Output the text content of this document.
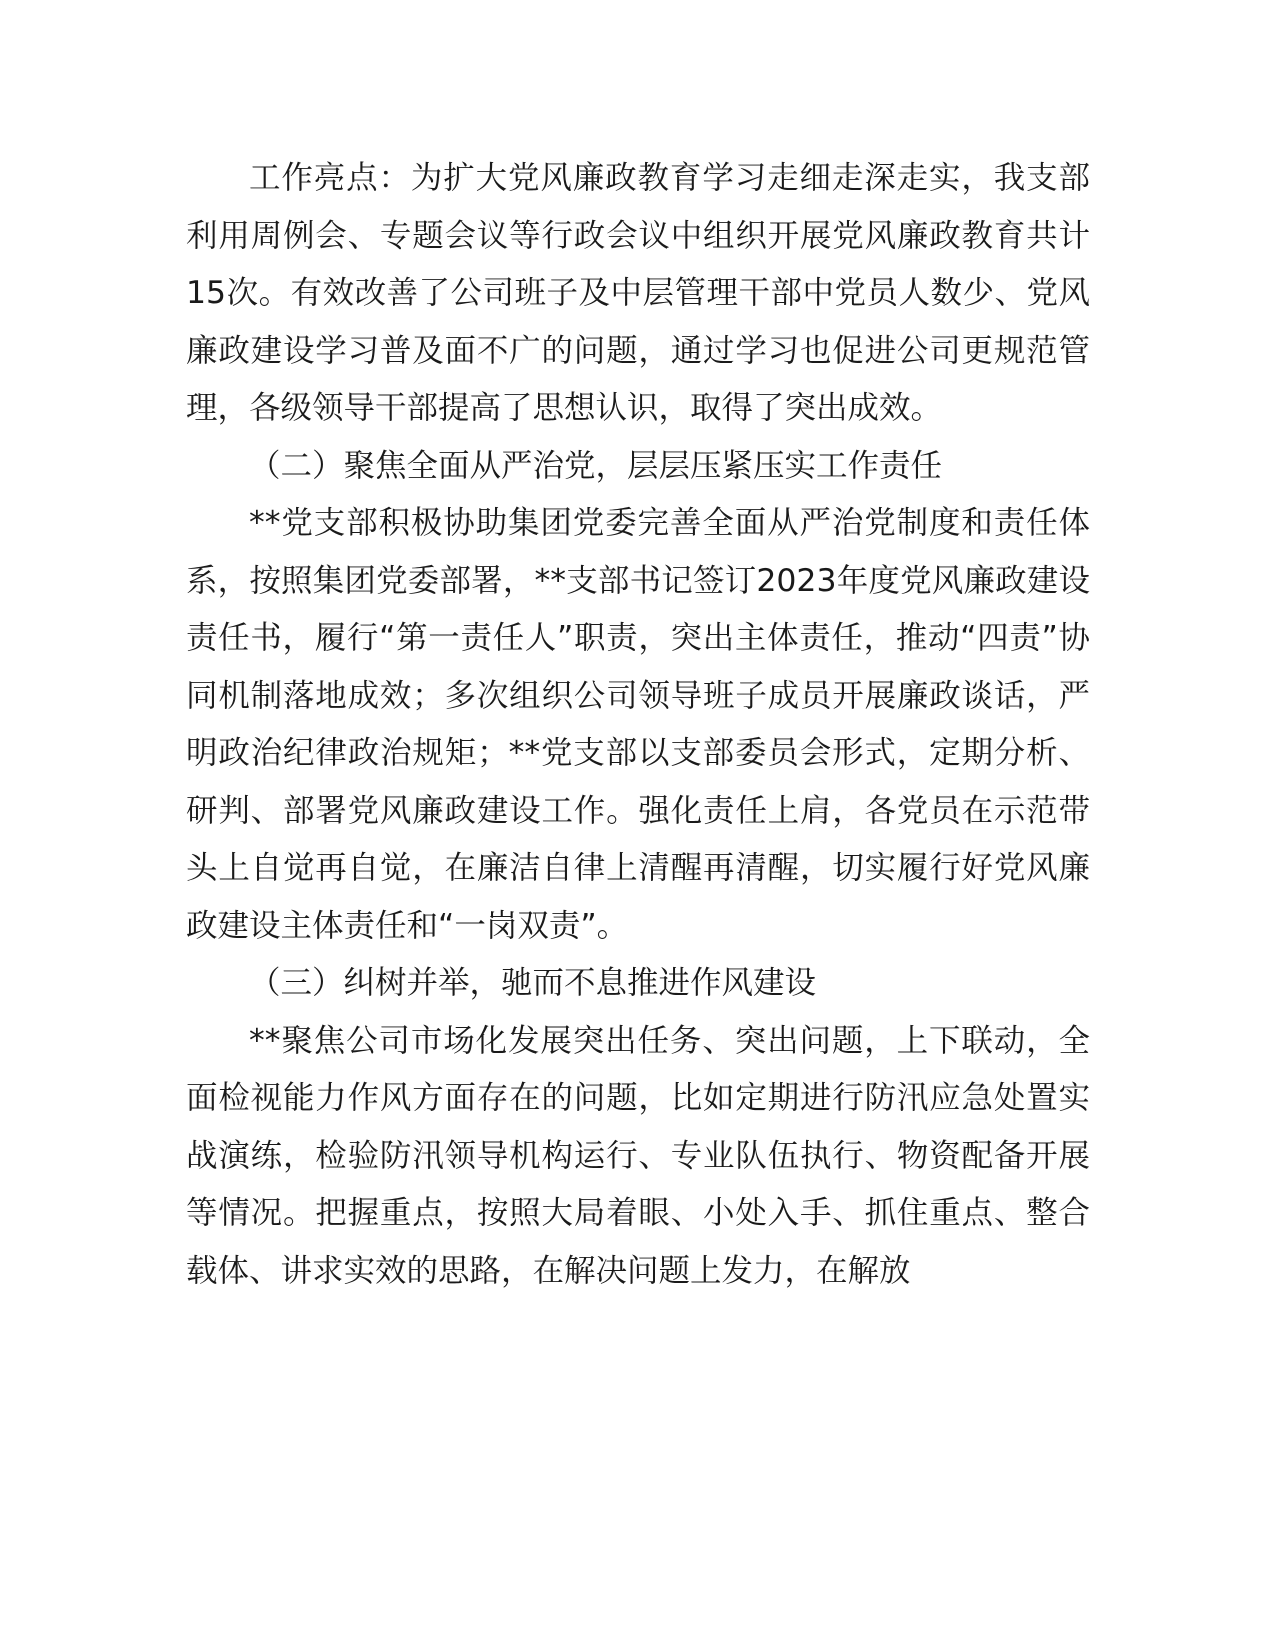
工作亮点：为扩大党风廉政教育学习走细走深走实，我支部利用周例会、专题会议等行政会议中组织开展党风廉政教育共计15次。有效改善了公司班子及中层管理干部中党员人数少、党风廉政建设学习普及面不广的问题，通过学习也促进公司更规范管理，各级领导干部提高了思想认识，取得了突出成效。

（二）聚焦全面从严治党，层层压紧压实工作责任

**党支部积极协助集团党委完善全面从严治党制度和责任体系，按照集团党委部署，**支部书记签订2023年度党风廉政建设责任书，履行“第一责任人”职责，突出主体责任，推动“四责”协同机制落地成效；多次组织公司领导班子成员开展廉政谈话，严明政治纪律政治规矩；**党支部以支部委员会形式，定期分析、研判、部署党风廉政建设工作。强化责任上肩，各党员在示范带头上自觉再自觉，在廉洁自律上清醒再清醒，切实履行好党风廉政建设主体责任和“一岗双责”。

（三）纠树并举，驰而不息推进作风建设

**聚焦公司市场化发展突出任务、突出问题，上下联动，全面检视能力作风方面存在的问题，比如定期进行防汛应急处置实战演练，检验防汛领导机构运行、专业队伍执行、物资配备开展等情况。把握重点，按照大局着眼、小处入手、抓住重点、整合载体、讲求实效的思路，在解决问题上发力，在解放
